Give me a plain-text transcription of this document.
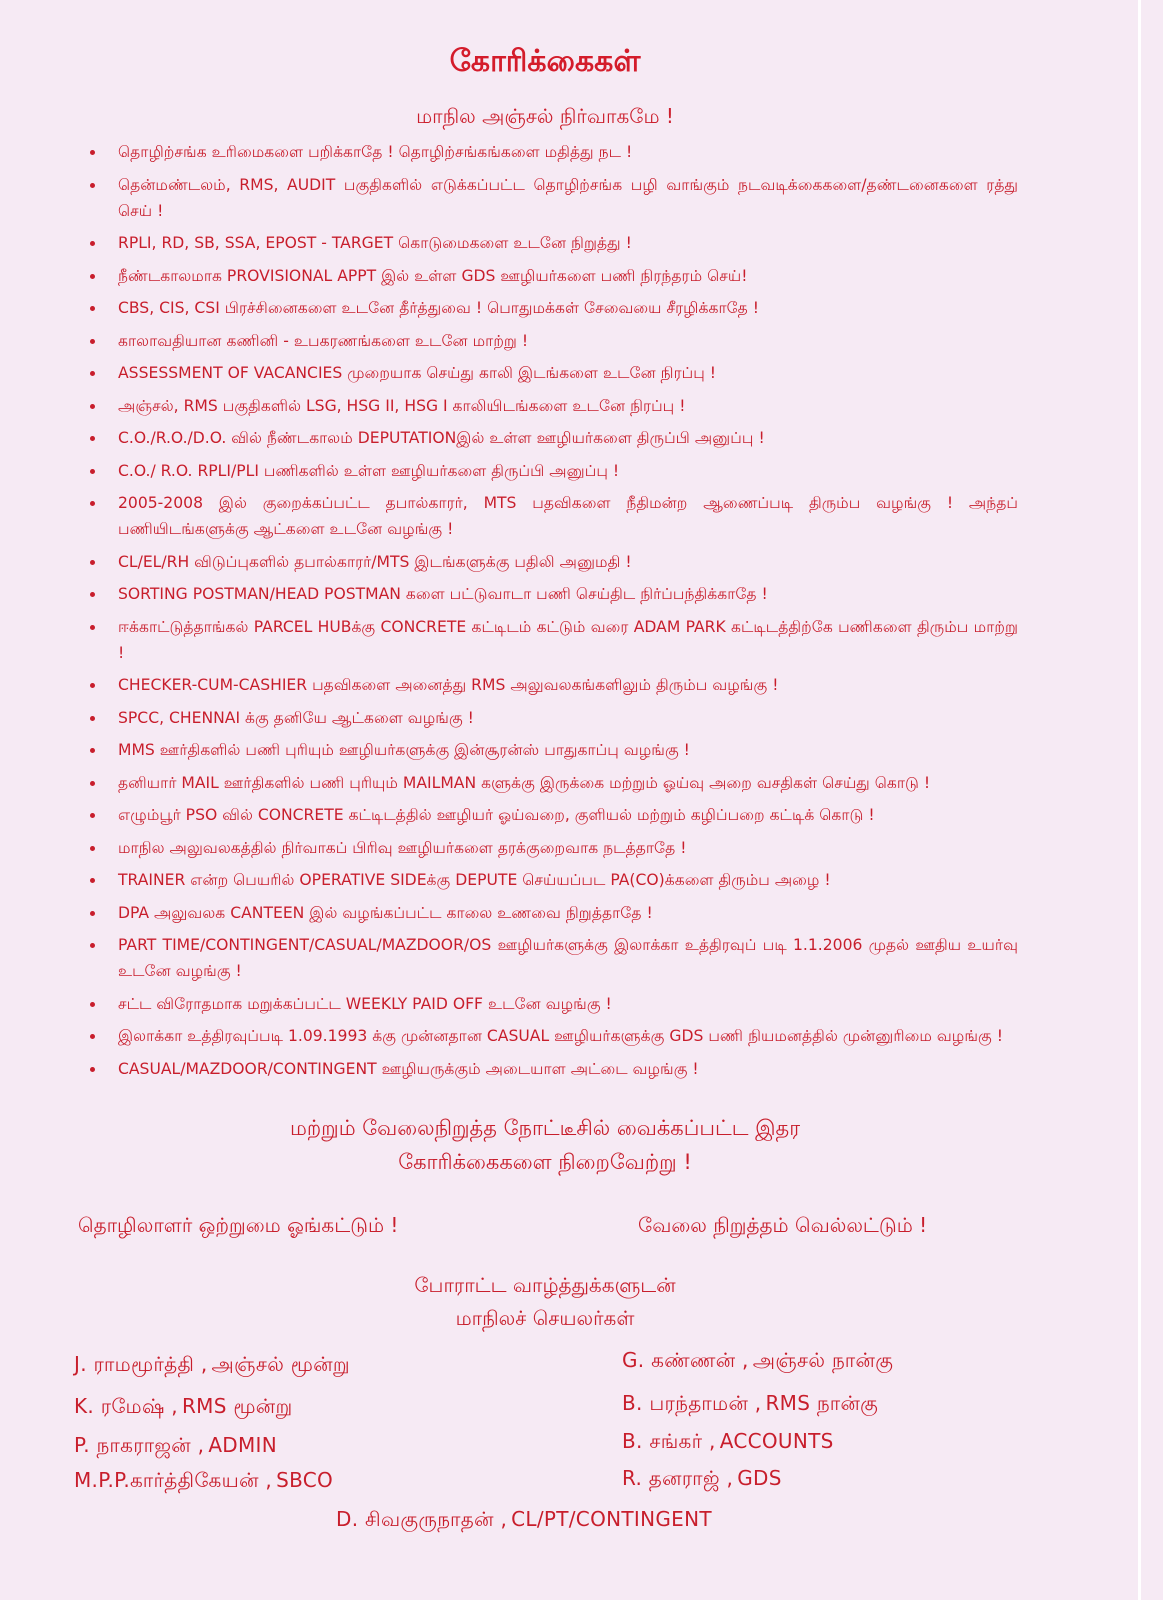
கோரிக்கைகள்
மாநில அஞ்சல் நிர்வாகமே !
தொழிற்சங்க உரிமைகளை பறிக்காதே ! தொழிற்சங்கங்களை மதித்து நட !
தென்மண்டலம், RMS, AUDIT பகுதிகளில் எடுக்கப்பட்ட தொழிற்சங்க பழி வாங்கும் நடவடிக்கைகளை/தண்டனைகளை ரத்து செய் !
RPLI, RD, SB, SSA, EPOST - TARGET கொடுமைகளை உடனே நிறுத்து !
நீண்டகாலமாக PROVISIONAL APPT இல் உள்ள GDS ஊழியர்களை பணி நிரந்தரம் செய்!
CBS, CIS, CSI பிரச்சினைகளை உடனே தீர்த்துவை ! பொதுமக்கள் சேவையை சீரழிக்காதே !
காலாவதியான கணினி - உபகரணங்களை உடனே மாற்று !
ASSESSMENT OF VACANCIES முறையாக செய்து காலி இடங்களை உடனே நிரப்பு !
அஞ்சல், RMS பகுதிகளில் LSG, HSG II, HSG I காலியிடங்களை உடனே நிரப்பு !
C.O./R.O./D.O. வில் நீண்டகாலம் DEPUTATIONஇல் உள்ள ஊழியர்களை திருப்பி அனுப்பு !
C.O./ R.O. RPLI/PLI பணிகளில் உள்ள ஊழியர்களை திருப்பி அனுப்பு !
2005-2008 இல் குறைக்கப்பட்ட தபால்காரர், MTS பதவிகளை நீதிமன்ற ஆணைப்படி திரும்ப வழங்கு ! அந்தப் பணியிடங்களுக்கு ஆட்களை உடனே வழங்கு !
CL/EL/RH விடுப்புகளில் தபால்காரர்/MTS இடங்களுக்கு பதிலி அனுமதி !
SORTING POSTMAN/HEAD POSTMAN களை பட்டுவாடா பணி செய்திட நிர்ப்பந்திக்காதே !
ஈக்காட்டுத்தாங்கல் PARCEL HUBக்கு CONCRETE கட்டிடம் கட்டும் வரை ADAM PARK கட்டிடத்திற்கே பணிகளை திரும்ப மாற்று !
CHECKER-CUM-CASHIER பதவிகளை அனைத்து RMS அலுவலகங்களிலும் திரும்ப வழங்கு !
SPCC, CHENNAI க்கு தனியே ஆட்களை வழங்கு !
MMS ஊர்திகளில் பணி புரியும் ஊழியர்களுக்கு இன்சூரன்ஸ் பாதுகாப்பு வழங்கு !
தனியார் MAIL ஊர்திகளில் பணி புரியும் MAILMAN களுக்கு இருக்கை மற்றும் ஓய்வு அறை வசதிகள் செய்து கொடு !
எழும்பூர் PSO வில் CONCRETE கட்டிடத்தில் ஊழியர் ஓய்வறை, குளியல் மற்றும் கழிப்பறை கட்டிக் கொடு !
மாநில அலுவலகத்தில் நிர்வாகப் பிரிவு ஊழியர்களை தரக்குறைவாக நடத்தாதே !
TRAINER என்ற பெயரில் OPERATIVE SIDEக்கு DEPUTE செய்யப்பட PA(CO)க்களை திரும்ப அழை !
DPA அலுவலக CANTEEN இல் வழங்கப்பட்ட காலை உணவை நிறுத்தாதே !
PART TIME/CONTINGENT/CASUAL/MAZDOOR/OS ஊழியர்களுக்கு இலாக்கா உத்திரவுப் படி 1.1.2006 முதல் ஊதிய உயர்வு உடனே வழங்கு !
சட்ட விரோதமாக மறுக்கப்பட்ட WEEKLY PAID OFF உடனே வழங்கு !
இலாக்கா உத்திரவுப்படி 1.09.1993 க்கு முன்னதான CASUAL ஊழியர்களுக்கு GDS பணி நியமனத்தில் முன்னுரிமை வழங்கு !
CASUAL/MAZDOOR/CONTINGENT ஊழியருக்கும் அடையாள அட்டை வழங்கு !
மற்றும் வேலைநிறுத்த நோட்டீசில் வைக்கப்பட்ட இதர
கோரிக்கைகளை நிறைவேற்று !
தொழிலாளர் ஒற்றுமை ஓங்கட்டும் !	வேலை நிறுத்தம் வெல்லட்டும் !
போராட்ட வாழ்த்துக்களுடன்
மாநிலச் செயலர்கள்
J. ராமமூர்த்தி , அஞ்சல் மூன்று
K. ரமேஷ் , RMS மூன்று
P. நாகராஜன் , ADMIN
M.P.P.கார்த்திகேயன் , SBCO
G. கண்ணன் , அஞ்சல் நான்கு
B. பரந்தாமன் , RMS நான்கு
B. சங்கர் , ACCOUNTS
R. தனராஜ் , GDS
D. சிவகுருநாதன் , CL/PT/CONTINGENT
